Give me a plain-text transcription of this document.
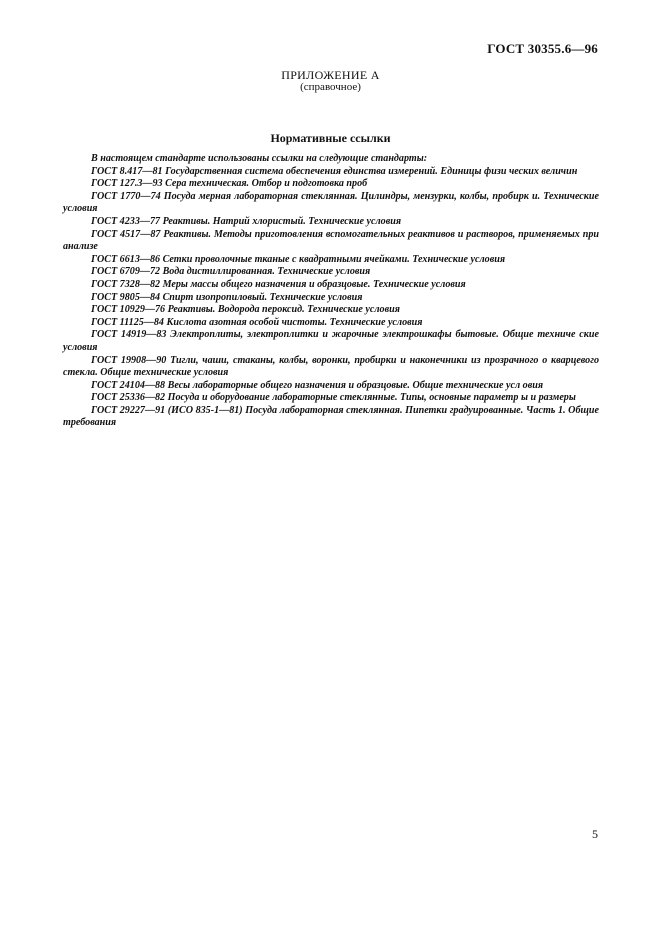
ГОСТ 30355.6—96
ПРИЛОЖЕНИЕ А
(справочное)
Нормативные ссылки

В настоящем стандарте использованы ссылки на следующие стандарты:

ГОСТ 8.417—81 Государственная система обеспечения единства измерений. Единицы физи ческих величин

ГОСТ 127.3—93 Сера техническая. Отбор и подготовка проб

ГОСТ 1770—74 Посуда мерная лабораторная стеклянная. Цилиндры, мензурки, колбы, пробирк и. Технические условия

ГОСТ 4233—77 Реактивы. Натрий хлористый. Технические условия

ГОСТ 4517—87 Реактивы. Методы приготовления вспомогательных реактивов и растворов, применяемых при анализе

ГОСТ 6613—86 Сетки проволочные тканые с квадратными ячейками. Технические условия

ГОСТ 6709—72 Вода дистиллированная. Технические условия

ГОСТ 7328—82 Меры массы общего назначения и образцовые. Технические условия

ГОСТ 9805—84 Спирт изопропиловый. Технические условия

ГОСТ 10929—76 Реактивы. Водорода пероксид. Технические условия

ГОСТ 11125—84 Кислота азотная особой чистоты. Технические условия

ГОСТ 14919—83 Электроплиты, электроплитки и жарочные электрошкафы бытовые. Общие техниче ские условия

ГОСТ 19908—90 Тигли, чаши, стаканы, колбы, воронки, пробирки и наконечники из прозрачного о кварцевого стекла. Общие технические условия

ГОСТ 24104—88 Весы лабораторные общего назначения и образцовые. Общие технические усл овия

ГОСТ 25336—82 Посуда и оборудование лабораторные стеклянные. Типы, основные параметр ы и размеры

ГОСТ 29227—91 (ИСО 835-1—81) Посуда лабораторная стеклянная. Пипетки градуированные. Часть 1. Общие требования

5
